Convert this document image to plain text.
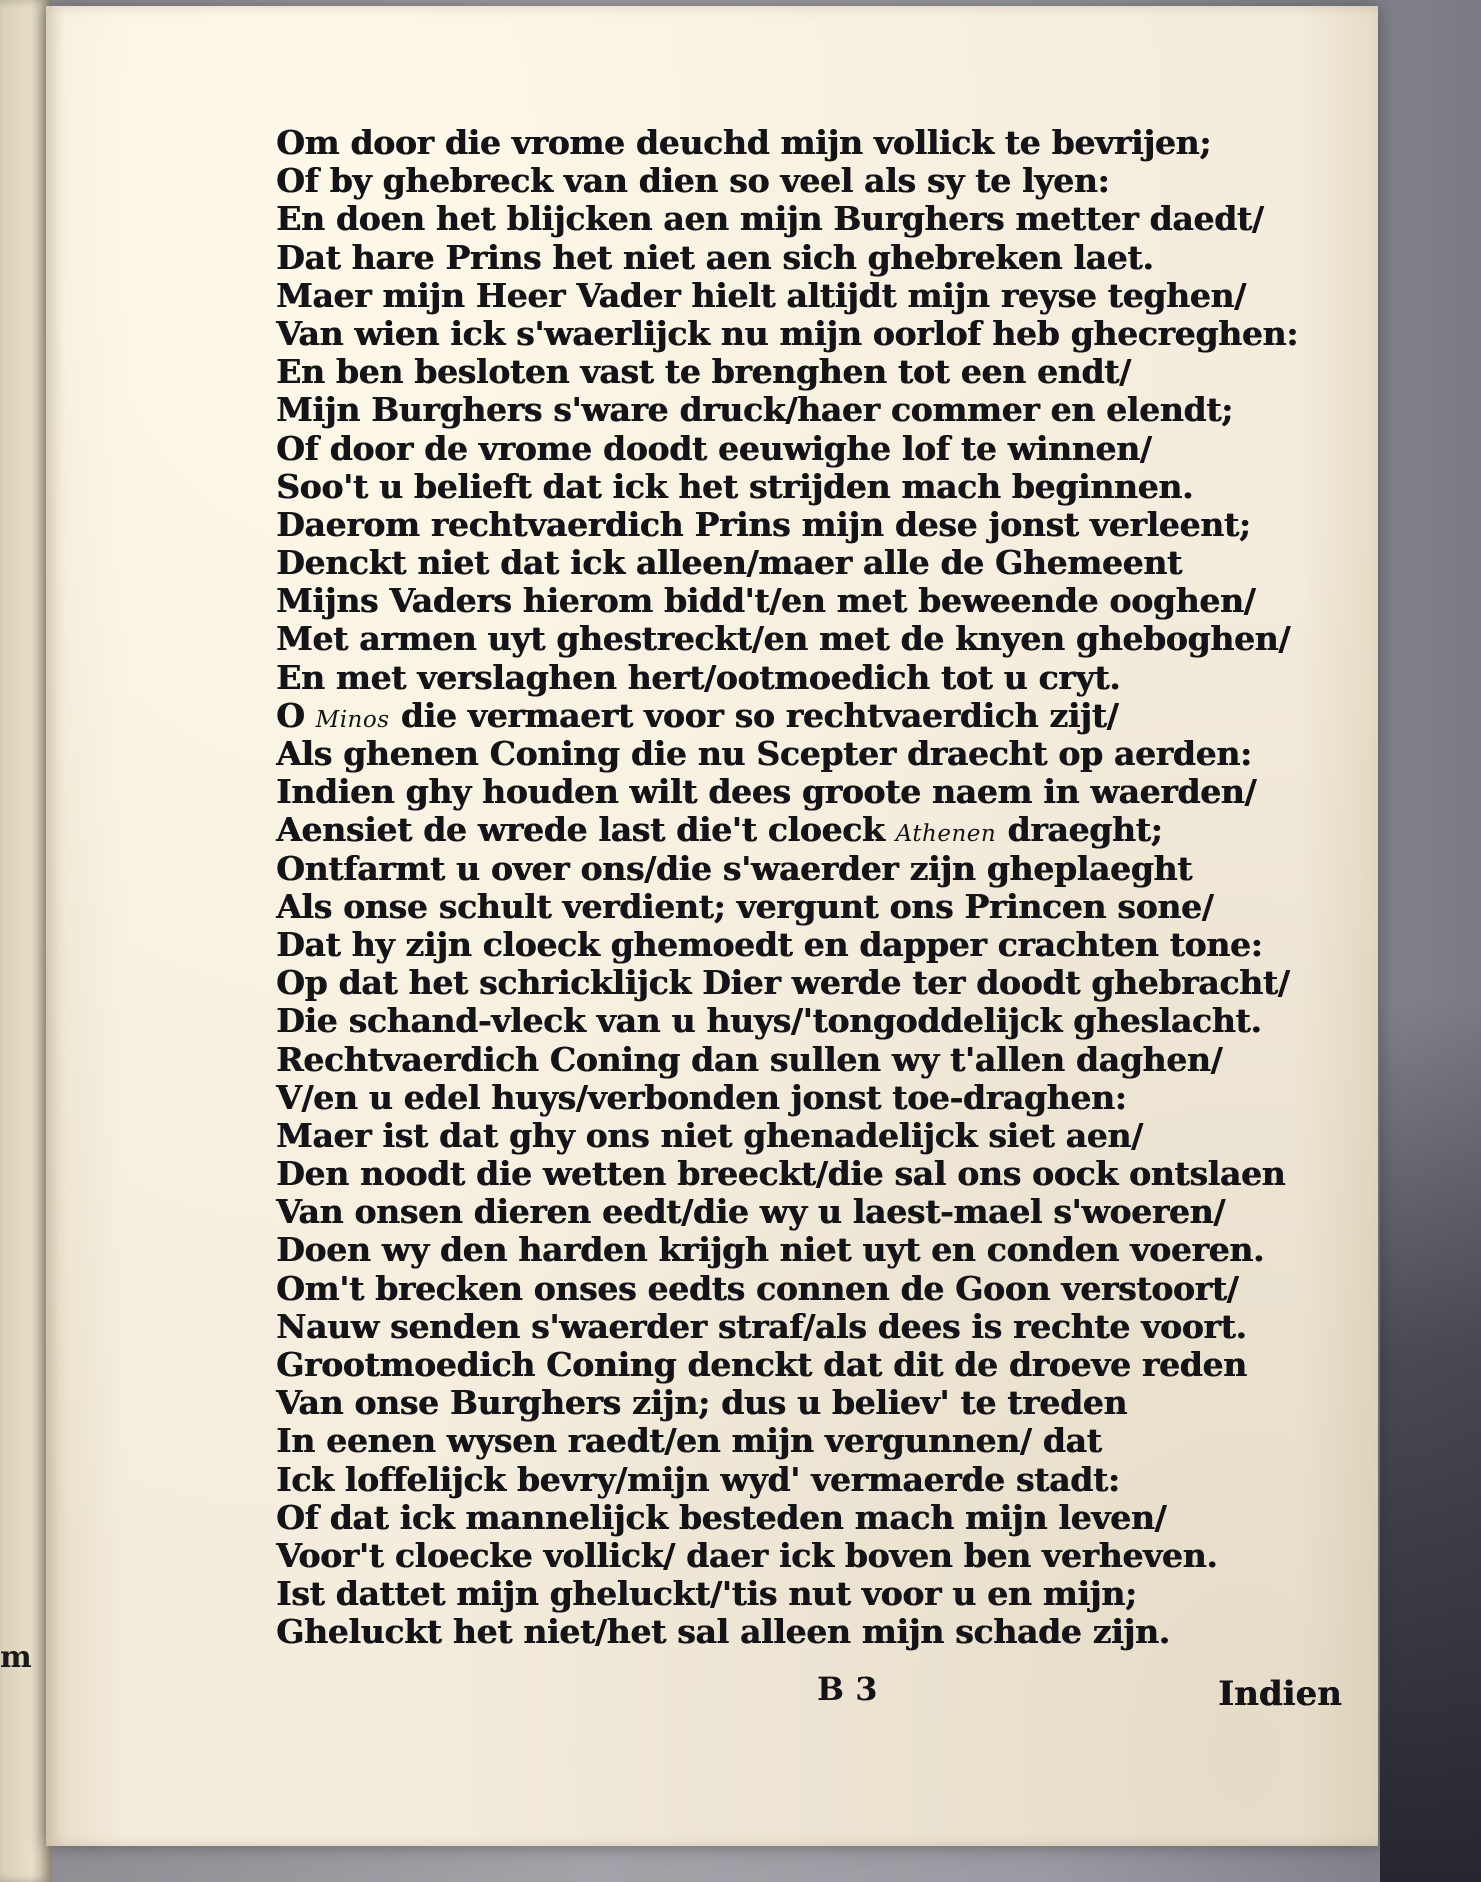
m
Om door die vrome deuchd mijn vollick te bevrijen;
Of by ghebreck van dien so veel als sy te lyen:
En doen het blijcken aen mijn Burghers metter daedt/
Dat hare Prins het niet aen sich ghebreken laet.
Maer mijn Heer Vader hielt altijdt mijn reyse teghen/
Van wien ick s'waerlijck nu mijn oorlof heb ghecreghen:
En ben besloten vast te brenghen tot een endt/
Mijn Burghers s'ware druck/haer commer en elendt;
Of door de vrome doodt eeuwighe lof te winnen/
Soo't u belieft dat ick het strijden mach beginnen.
Daerom rechtvaerdich Prins mijn dese jonst verleent;
Denckt niet dat ick alleen/maer alle de Ghemeent
Mijns Vaders hierom bidd't/en met beweende ooghen/
Met armen uyt ghestreckt/en met de knyen gheboghen/
En met verslaghen hert/ootmoedich tot u cryt.
O Minos die vermaert voor so rechtvaerdich zijt/
Als ghenen Coning die nu Scepter draecht op aerden:
Indien ghy houden wilt dees groote naem in waerden/
Aensiet de wrede last die't cloeck Athenen draeght;
Ontfarmt u over ons/die s'waerder zijn gheplaeght
Als onse schult verdient; vergunt ons Princen sone/
Dat hy zijn cloeck ghemoedt en dapper crachten tone:
Op dat het schricklijck Dier werde ter doodt ghebracht/
Die schand-vleck van u huys/'tongoddelijck gheslacht.
Rechtvaerdich Coning dan sullen wy t'allen daghen/
V/en u edel huys/verbonden jonst toe-draghen:
Maer ist dat ghy ons niet ghenadelijck siet aen/
Den noodt die wetten breeckt/die sal ons oock ontslaen
Van onsen dieren eedt/die wy u laest-mael s'woeren/
Doen wy den harden krijgh niet uyt en conden voeren.
Om't brecken onses eedts connen de Goon verstoort/
Nauw senden s'waerder straf/als dees is rechte voort.
Grootmoedich Coning denckt dat dit de droeve reden
Van onse Burghers zijn; dus u believ' te treden
In eenen wysen raedt/en mijn vergunnen/ dat
Ick loffelijck bevry/mijn wyd' vermaerde stadt:
Of dat ick mannelijck besteden mach mijn leven/
Voor't cloecke vollick/ daer ick boven ben verheven.
Ist dattet mijn gheluckt/'tis nut voor u en mijn;
Gheluckt het niet/het sal alleen mijn schade zijn.
B 3	Indien
